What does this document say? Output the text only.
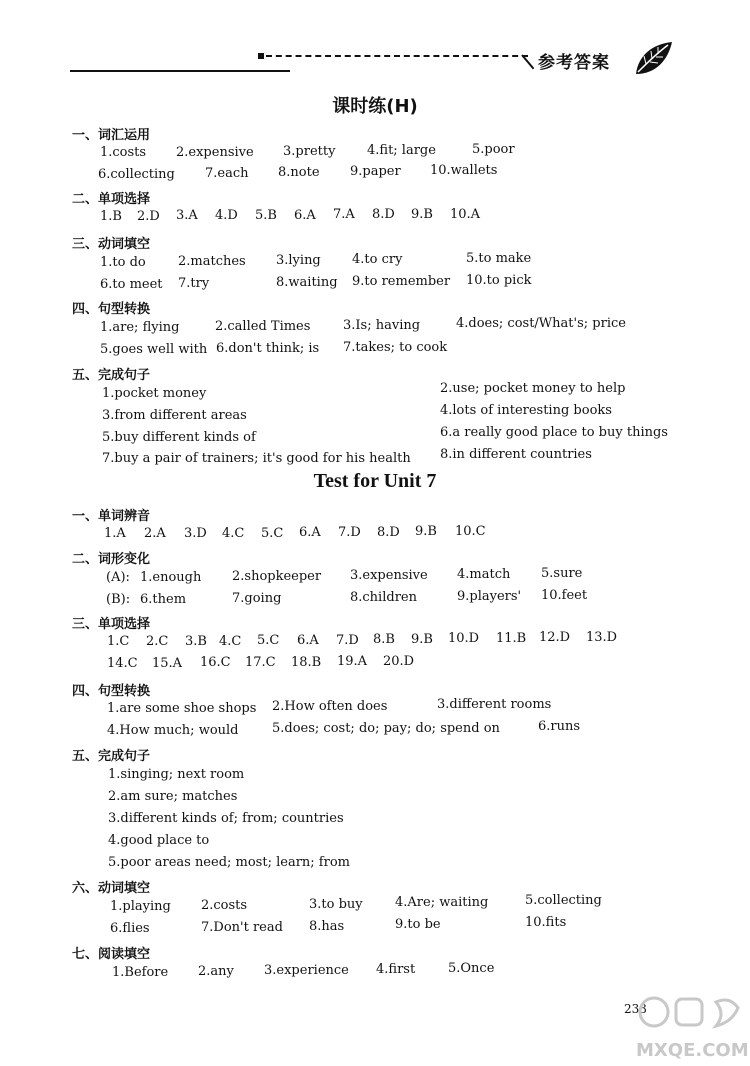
参考答案
课时练(H)
一、词汇运用
1.costs 2.expensive 3.pretty 4.fit; large	5.poor
6.collecting 7.each 8.note 9.paper 10.wallets
二、单项选择
1.B 2.D 3.A 4.D 5.B 6.A 7.A 8.D 9.B 10.A
三、动词填空
1.to do 2.matches 3.lying 4.to cry	5.to make
6.to meet 7.try	8.waiting 9.to remember 10.to pick
四、句型转换
1.are; flying	2.called Times	3.Is; having	4.does; cost/What's; price
5.goes well with 6.don't think; is 7.takes; to cook
五、完成句子
1.pocket money	2.use; pocket money to help
3.from different areas	4.lots of interesting books
5.buy different kinds of	6.a really good place to buy things
7.buy a pair of trainers; it's good for his health 8.in different countries
Test for Unit 7
一、单词辨音
1.A 2.A 3.D 4.C 5.C 6.A 7.D 8.D 9.B 10.C
二、词形变化
(A): 1.enough 2.shopkeeper 3.expensive 4.match 5.sure
(B): 6.them	7.going	8.children	9.players' 10.feet
三、单项选择
1.C 2.C 3.B 4.C 5.C 6.A 7.D 8.B 9.B 10.D 11.B 12.D 13.D
14.C 15.A 16.C 17.C 18.B 19.A 20.D
四、句型转换
1.are some shoe shops 2.How often does	3.different rooms
4.How much; would	5.does; cost; do; pay; do; spend on	6.runs
五、完成句子
1.singing; next room
2.am sure; matches
3.different kinds of; from; countries
4.good place to
5.poor areas need; most; learn; from
六、动词填空
1.playing 2.costs	3.to buy 4.Are; waiting	5.collecting
6.flies	7.Don't read 8.has	9.to be	10.fits
七、阅读填空
1.Before 2.any 3.experience 4.first	5.Once
233
MXQE.COM
